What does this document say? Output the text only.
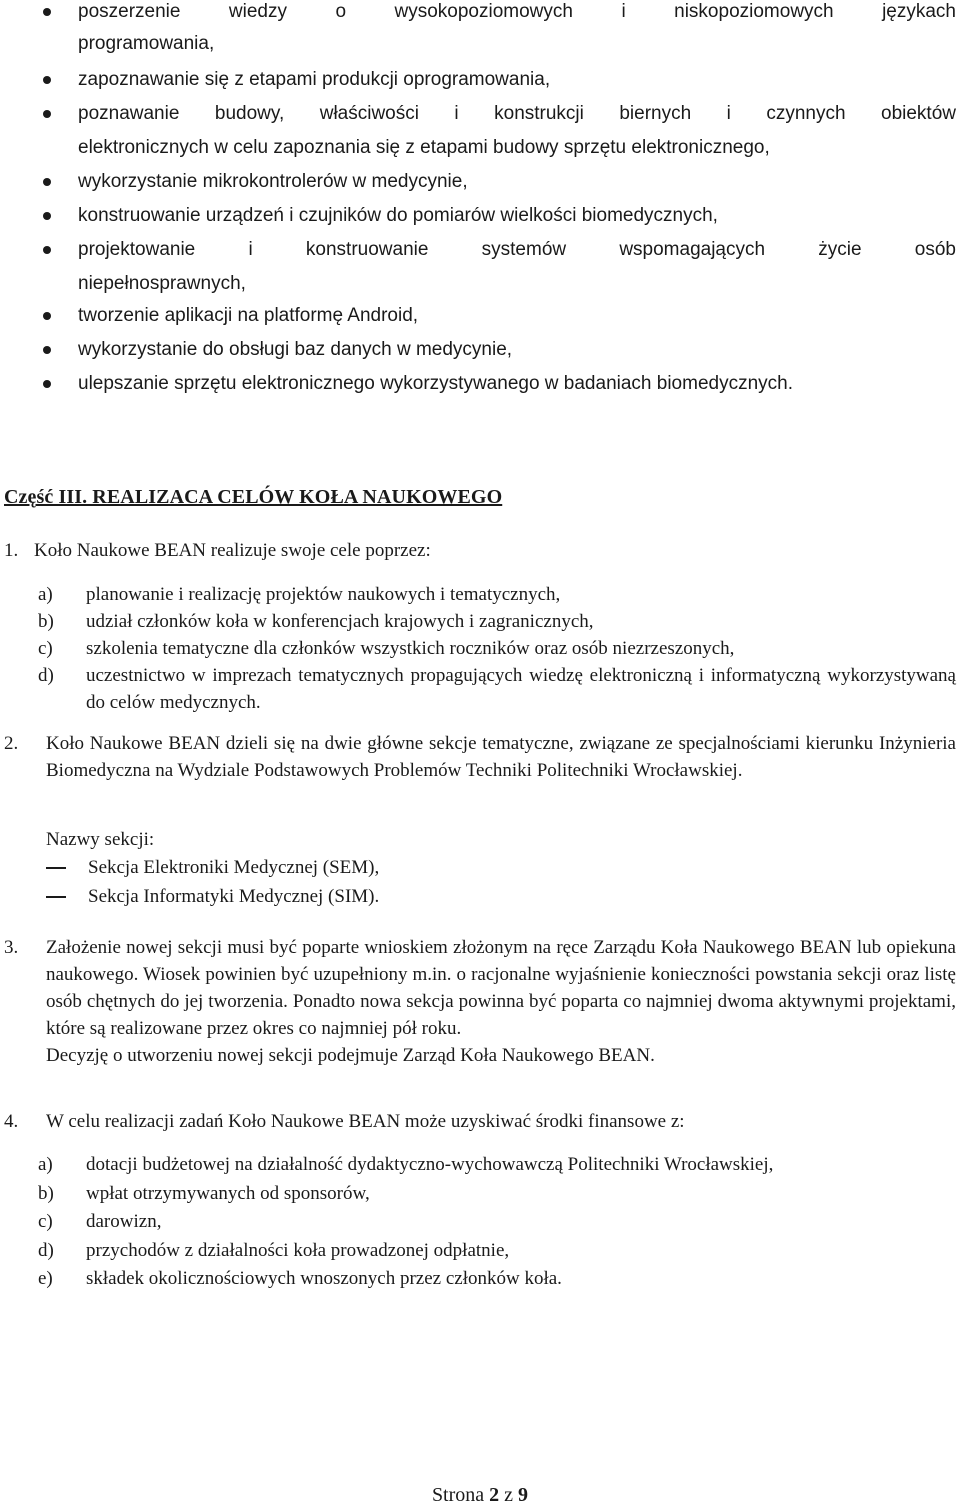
poszerzenie wiedzy o wysokopoziomowych i niskopoziomowych językach
programowania,
zapoznawanie się z etapami produkcji oprogramowania,
poznawanie budowy, właściwości i konstrukcji biernych i czynnych obiektów
elektronicznych w celu zapoznania się z etapami budowy sprzętu elektronicznego,
wykorzystanie mikrokontrolerów w medycynie,
konstruowanie urządzeń i czujników do pomiarów wielkości biomedycznych,
projektowanie i konstruowanie systemów wspomagających życie osób
niepełnosprawnych,
tworzenie aplikacji na platformę Android,
wykorzystanie do obsługi baz danych w medycynie,
ulepszanie sprzętu elektronicznego wykorzystywanego w badaniach biomedycznych.
Część III. REALIZACA CELÓW KOŁA NAUKOWEGO
1. Koło Naukowe BEAN realizuje swoje cele poprzez:
a) planowanie i realizację projektów naukowych i tematycznych,
b) udział członków koła w konferencjach krajowych i zagranicznych,
c) szkolenia tematyczne dla członków wszystkich roczników oraz osób niezrzeszonych,
d) uczestnictwo w imprezach tematycznych propagujących wiedzę elektroniczną i informatyczną wykorzystywaną do celów medycznych.
2. Koło Naukowe BEAN dzieli się na dwie główne sekcje tematyczne, związane ze specjalnościami kierunku Inżynieria Biomedyczna na Wydziale Podstawowych Problemów Techniki Politechniki Wrocławskiej.
Nazwy sekcji:
Sekcja Elektroniki Medycznej (SEM),
Sekcja Informatyki Medycznej (SIM).
3. Założenie nowej sekcji musi być poparte wnioskiem złożonym na ręce Zarządu Koła Naukowego BEAN lub opiekuna naukowego. Wiosek powinien być uzupełniony m.in. o racjonalne wyjaśnienie konieczności powstania sekcji oraz listę osób chętnych do jej tworzenia. Ponadto nowa sekcja powinna być poparta co najmniej dwoma aktywnymi projektami, które są realizowane przez okres co najmniej pół roku.
Decyzję o utworzeniu nowej sekcji podejmuje Zarząd Koła Naukowego BEAN.
4. W celu realizacji zadań Koło Naukowe BEAN może uzyskiwać środki finansowe z:
a) dotacji budżetowej na działalność dydaktyczno-wychowawczą Politechniki Wrocławskiej,
b) wpłat otrzymywanych od sponsorów,
c) darowizn,
d) przychodów z działalności koła prowadzonej odpłatnie,
e) składek okolicznościowych wnoszonych przez członków koła.
Strona 2 z 9
